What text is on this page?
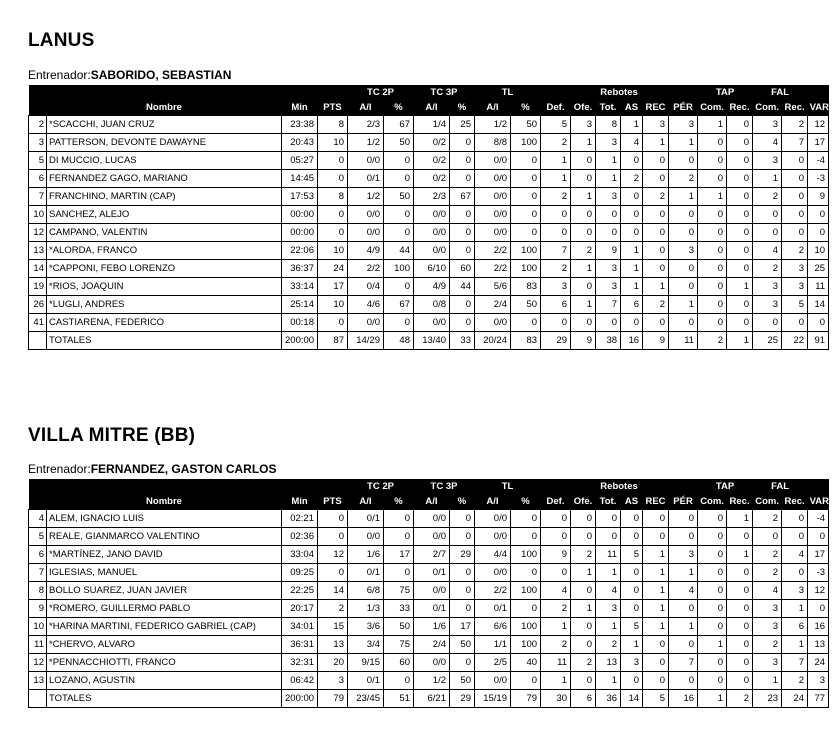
LANUS
Entrenador:SABORIDO, SEBASTIAN
				TC 2P		TC 3P		TL		Rebotes						TAP		FAL		
	Nombre	Min	PTS	A/I	%	A/I	%	A/I	%	Def.	Ofe.	Tot.	AS	REC	PÉR	Com.	Rec.	Com.	Rec.	VAR
2	*SCACCHI, JUAN CRUZ	23:38	8	2/3	67	1/4	25	1/2	50	5	3	8	1	3	3	1	0	3	2	12
3	PATTERSON, DEVONTE DAWAYNE	20:43	10	1/2	50	0/2	0	8/8	100	2	1	3	4	1	1	0	0	4	7	17
5	DI MUCCIO, LUCAS	05:27	0	0/0	0	0/2	0	0/0	0	1	0	1	0	0	0	0	0	3	0	-4
6	FERNANDEZ GAGO, MARIANO	14:45	0	0/1	0	0/2	0	0/0	0	1	0	1	2	0	2	0	0	1	0	-3
7	FRANCHINO, MARTIN (CAP)	17:53	8	1/2	50	2/3	67	0/0	0	2	1	3	0	2	1	1	0	2	0	9
10	SANCHEZ, ALEJO	00:00	0	0/0	0	0/0	0	0/0	0	0	0	0	0	0	0	0	0	0	0	0
12	CAMPANO, VALENTIN	00:00	0	0/0	0	0/0	0	0/0	0	0	0	0	0	0	0	0	0	0	0	0
13	*ALORDA, FRANCO	22:06	10	4/9	44	0/0	0	2/2	100	7	2	9	1	0	3	0	0	4	2	10
14	*CAPPONI, FEBO LORENZO	36:37	24	2/2	100	6/10	60	2/2	100	2	1	3	1	0	0	0	0	2	3	25
19	*RIOS, JOAQUIN	33:14	17	0/4	0	4/9	44	5/6	83	3	0	3	1	1	0	0	1	3	3	11
26	*LUGLI, ANDRES	25:14	10	4/6	67	0/8	0	2/4	50	6	1	7	6	2	1	0	0	3	5	14
41	CASTIARENA, FEDERICO	00:18	0	0/0	0	0/0	0	0/0	0	0	0	0	0	0	0	0	0	0	0	0
	TOTALES	200:00	87	14/29	48	13/40	33	20/24	83	29	9	38	16	9	11	2	1	25	22	91
VILLA MITRE (BB)
Entrenador:FERNANDEZ, GASTON CARLOS
				TC 2P		TC 3P		TL		Rebotes						TAP		FAL		
	Nombre	Min	PTS	A/I	%	A/I	%	A/I	%	Def.	Ofe.	Tot.	AS	REC	PÉR	Com.	Rec.	Com.	Rec.	VAR
4	ALEM, IGNACIO LUIS	02:21	0	0/1	0	0/0	0	0/0	0	0	0	0	0	0	0	0	1	2	0	-4
5	REALE, GIANMARCO VALENTINO	02:36	0	0/0	0	0/0	0	0/0	0	0	0	0	0	0	0	0	0	0	0	0
6	*MARTÍNEZ, JANO DAVID	33:04	12	1/6	17	2/7	29	4/4	100	9	2	11	5	1	3	0	1	2	4	17
7	IGLESIAS, MANUEL	09:25	0	0/1	0	0/1	0	0/0	0	0	1	1	0	1	1	0	0	2	0	-3
8	BOLLO SUAREZ, JUAN JAVIER	22:25	14	6/8	75	0/0	0	2/2	100	4	0	4	0	1	4	0	0	4	3	12
9	*ROMERO, GUILLERMO PABLO	20:17	2	1/3	33	0/1	0	0/1	0	2	1	3	0	1	0	0	0	3	1	0
10	*HARINA MARTINI, FEDERICO GABRIEL (CAP)	34:01	15	3/6	50	1/6	17	6/6	100	1	0	1	5	1	1	0	0	3	6	16
11	*CHERVO, ALVARO	36:31	13	3/4	75	2/4	50	1/1	100	2	0	2	1	0	0	1	0	2	1	13
12	*PENNACCHIOTTI, FRANCO	32:31	20	9/15	60	0/0	0	2/5	40	11	2	13	3	0	7	0	0	3	7	24
13	LOZANO, AGUSTIN	06:42	3	0/1	0	1/2	50	0/0	0	1	0	1	0	0	0	0	0	1	2	3
	TOTALES	200:00	79	23/45	51	6/21	29	15/19	79	30	6	36	14	5	16	1	2	23	24	77
